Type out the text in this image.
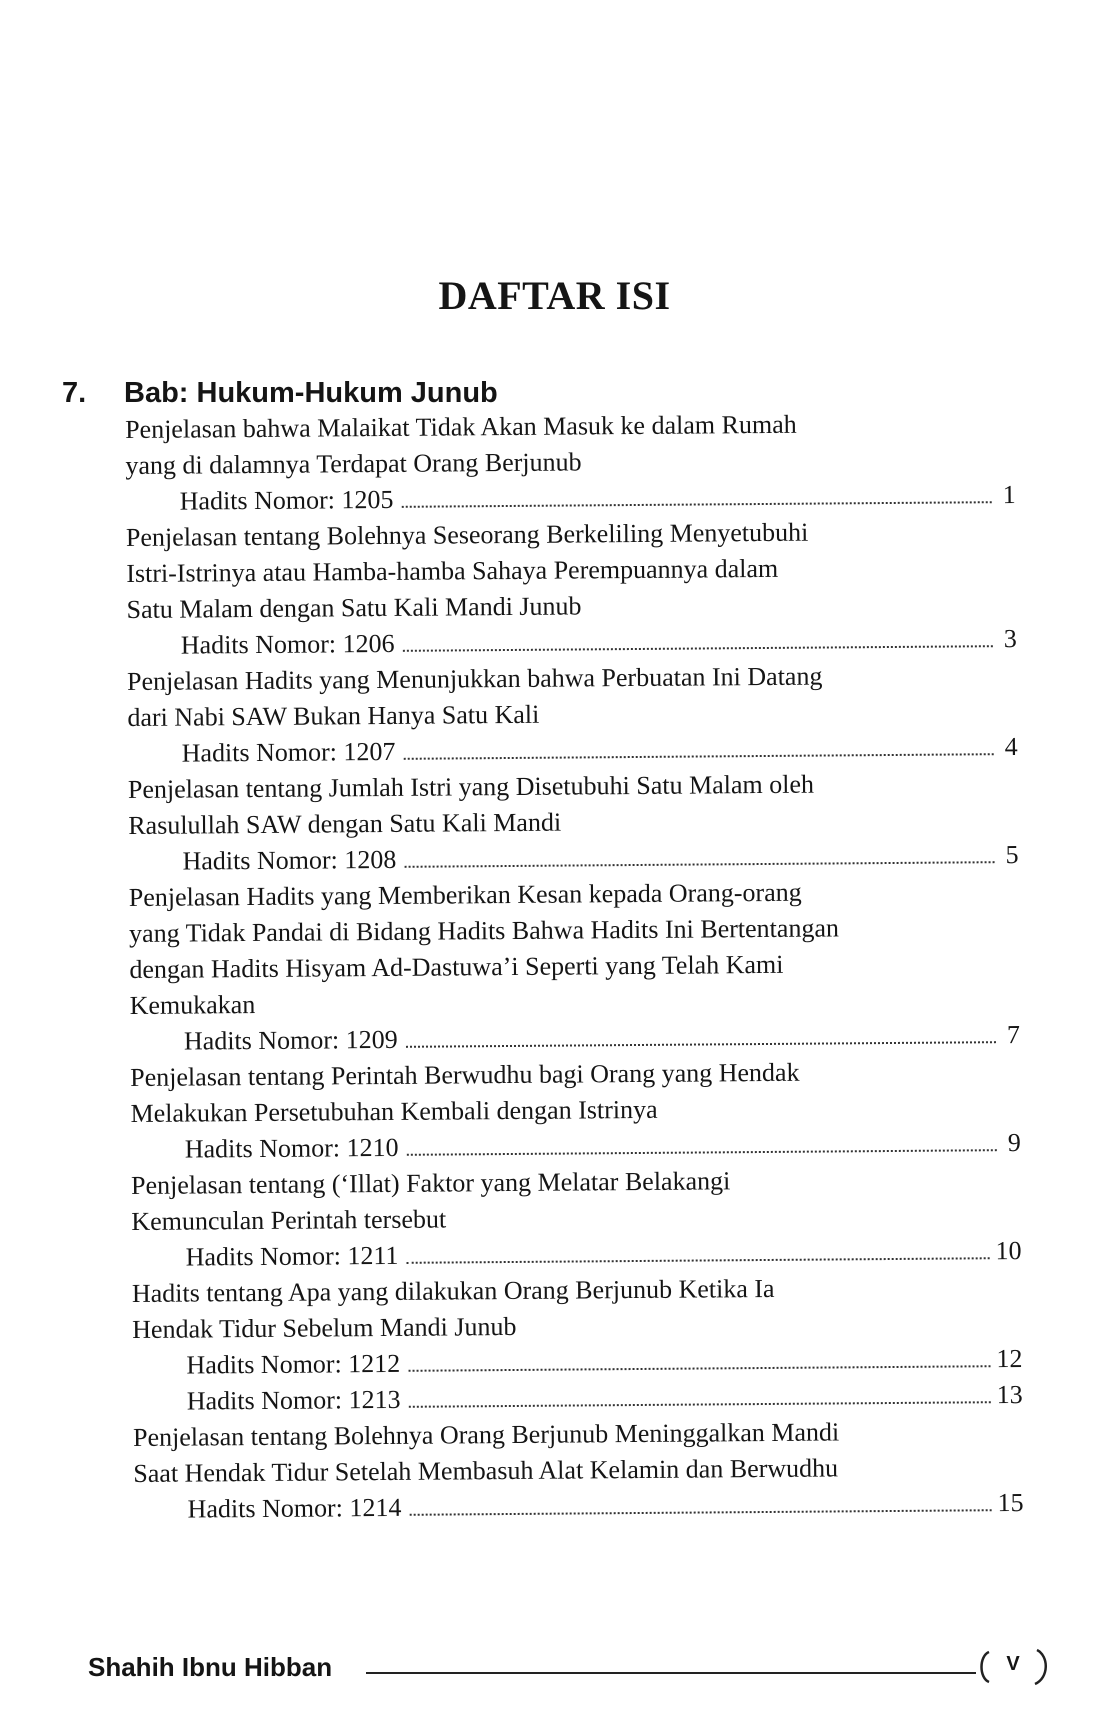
DAFTAR ISI
7. Bab: Hukum-Hukum Junub
Penjelasan bahwa Malaikat Tidak Akan Masuk ke dalam Rumah
yang di dalamnya Terdapat Orang Berjunub
Hadits Nomor: 1205	1
Penjelasan tentang Bolehnya Seseorang Berkeliling Menyetubuhi
Istri-Istrinya atau Hamba-hamba Sahaya Perempuannya dalam
Satu Malam dengan Satu Kali Mandi Junub
Hadits Nomor: 1206	3
Penjelasan Hadits yang Menunjukkan bahwa Perbuatan Ini Datang
dari Nabi SAW Bukan Hanya Satu Kali
Hadits Nomor: 1207	4
Penjelasan tentang Jumlah Istri yang Disetubuhi Satu Malam oleh
Rasulullah SAW dengan Satu Kali Mandi
Hadits Nomor: 1208	5
Penjelasan Hadits yang Memberikan Kesan kepada Orang-orang
yang Tidak Pandai di Bidang Hadits Bahwa Hadits Ini Bertentangan
dengan Hadits Hisyam Ad-Dastuwa’i Seperti yang Telah Kami
Kemukakan
Hadits Nomor: 1209	7
Penjelasan tentang Perintah Berwudhu bagi Orang yang Hendak
Melakukan Persetubuhan Kembali dengan Istrinya
Hadits Nomor: 1210	9
Penjelasan tentang (‘Illat) Faktor yang Melatar Belakangi
Kemunculan Perintah tersebut
Hadits Nomor: 1211	10
Hadits tentang Apa yang dilakukan Orang Berjunub Ketika Ia
Hendak Tidur Sebelum Mandi Junub
Hadits Nomor: 1212	12
Hadits Nomor: 1213	13
Penjelasan tentang Bolehnya Orang Berjunub Meninggalkan Mandi
Saat Hendak Tidur Setelah Membasuh Alat Kelamin dan Berwudhu
Hadits Nomor: 1214	15
Shahih Ibnu Hibban	V
